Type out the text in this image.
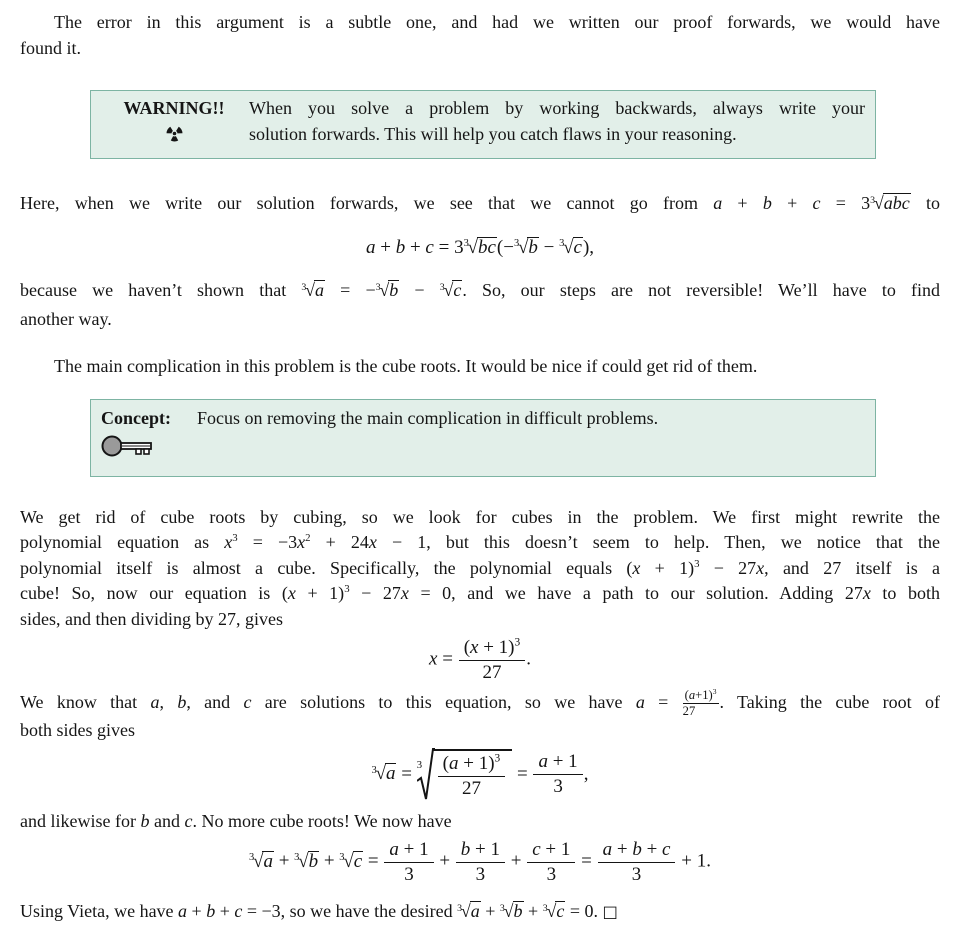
The error in this argument is a subtle one, and had we written our proof forwards, we would have
found it.

WARNING!!	When you solve a problem by working backwards, always write your
solution forwards. This will help you catch flaws in your reasoning.

Here, when we write our solution forwards, we see that we cannot go from $a + b + c = 3^3√abc$ to

$a + b + c = 3^3√bc(-^3√b - ^3√c)$,

because we haven’t shown that $^3$√a = −$^3$√b − $^3$√c. So, our steps are not reversible! We’ll have to find
another way.

The main complication in this problem is the cube roots. It would be nice if could get rid of them.

Concept:	Focus on removing the main complication in difficult problems.

We get rid of cube roots by cubing, so we look for cubes in the problem. We first might rewrite the
polynomial equation as $x^3 = -3x^2 + 24x - 1$, but this doesn’t seem to help. Then, we notice that the
polynomial itself is almost a cube. Specifically, the polynomial equals $(x + 1)^3 - 27x$, and 27 itself is a
cube! So, now our equation is $(x + 1)^3 - 27x = 0$, and we have a path to our solution. Adding 27x to both
sides, and then dividing by 27, gives

$x = \frac{(x + 1)^3}{27}$ .

We know that a, b, and c are solutions to this equation, so we have $a = \frac{(a+1)^3}{27}$ . Taking the cube root of
both sides gives

$^3√a = 3 \frac{(a + 1)^3}{27} = \frac{a + 1}{3}$ ,

and likewise for b and c. No more cube roots! We now have

$^3√a + ^3√b + ^3√c = \frac{a + 1}{3} + \frac{b + 1}{3} + \frac{c + 1}{3} = \frac{a + b + c}{3} + 1$.

Using Vieta, we have a + b + c = −3, so we have the desired $^3$√a + $^3$√b + $^3$√c = 0. □
